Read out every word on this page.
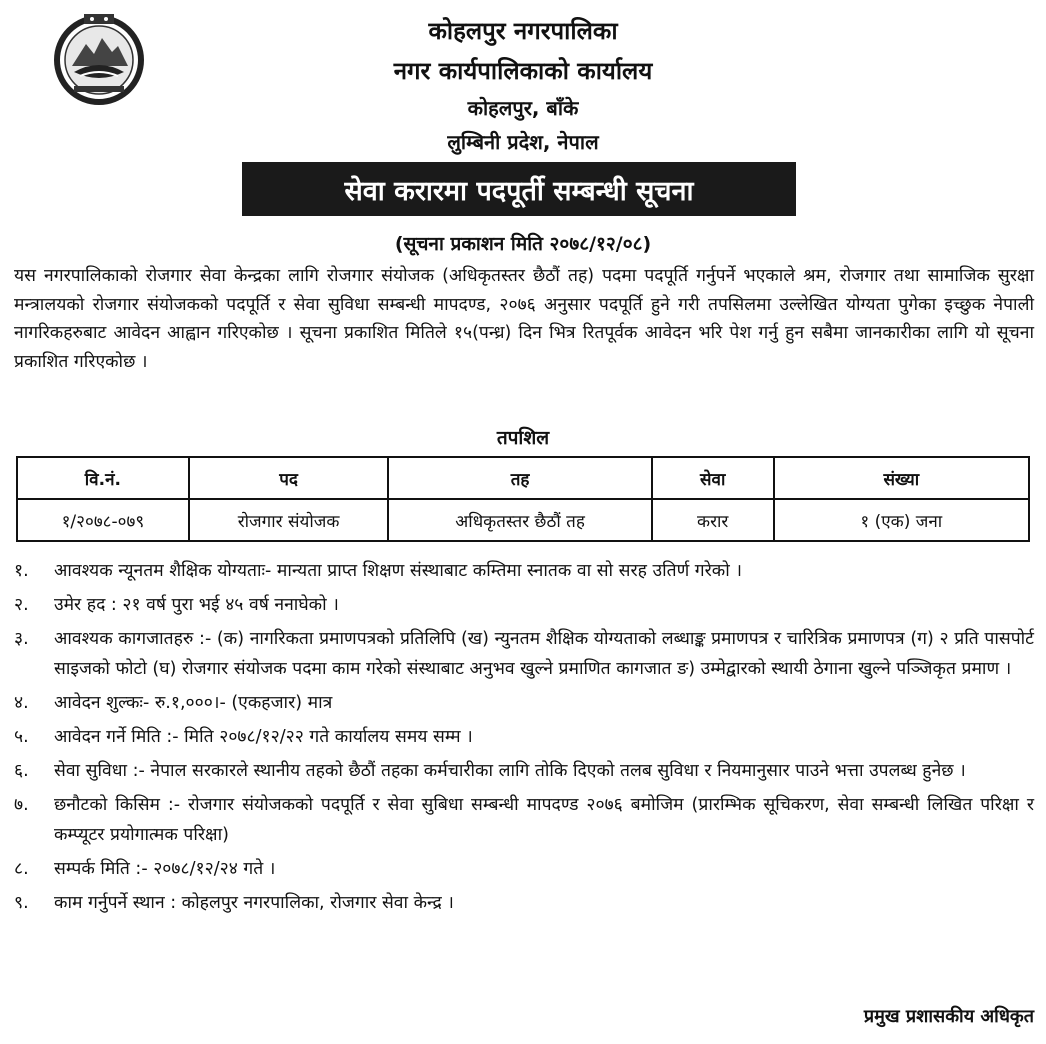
कोहलपुर नगरपालिका
नगर कार्यपालिकाको कार्यालय
कोहलपुर, बाँके
लुम्बिनी प्रदेश, नेपाल
सेवा करारमा पदपूर्ती सम्बन्धी सूचना
(सूचना प्रकाशन मिति २०७८/१२/०८)
यस नगरपालिकाको रोजगार सेवा केन्द्रका लागि रोजगार संयोजक (अधिकृतस्तर छैठौं तह) पदमा पदपूर्ति गर्नुपर्ने भएकाले श्रम, रोजगार तथा सामाजिक सुरक्षा मन्त्रालयको रोजगार संयोजकको पदपूर्ति र सेवा सुविधा सम्बन्धी मापदण्ड, २०७६ अनुसार पदपूर्ति हुने गरी तपसिलमा उल्लेखित योग्यता पुगेका इच्छुक नेपाली नागरिकहरुबाट आवेदन आह्वान गरिएकोछ । सूचना प्रकाशित मितिले १५(पन्ध्र) दिन भित्र रितपूर्वक आवेदन भरि पेश गर्नु हुन सबैमा जानकारीका लागि यो सूचना प्रकाशित गरिएकोछ ।
तपशिल
वि.नं.	पद	तह	सेवा	संख्या
१/२०७८-०७९	रोजगार संयोजक	अधिकृतस्तर छैठौं तह	करार	१ (एक) जना
१.	आवश्यक न्यूनतम शैक्षिक योग्यताः- मान्यता प्राप्त शिक्षण संस्थाबाट कम्तिमा स्नातक वा सो सरह उतिर्ण गरेको ।
२.	उमेर हद : २१ वर्ष पुरा भई ४५ वर्ष ननाघेको ।
३.	आवश्यक कागजातहरु :- (क) नागरिकता प्रमाणपत्रको प्रतिलिपि (ख) न्युनतम शैक्षिक योग्यताको लब्धाङ्क प्रमाणपत्र र चारित्रिक प्रमाणपत्र (ग) २ प्रति पासपोर्ट साइजको फोटो (घ) रोजगार संयोजक पदमा काम गरेको संस्थाबाट अनुभव खुल्ने प्रमाणित कागजात ङ) उम्मेद्वारको स्थायी ठेगाना खुल्ने पञ्जिकृत प्रमाण ।
४.	आवेदन शुल्कः- रु.१,०००।- (एकहजार) मात्र
५.	आवेदन गर्ने मिति :- मिति २०७८/१२/२२ गते कार्यालय समय सम्म ।
६.	सेवा सुविधा :- नेपाल सरकारले स्थानीय तहको छैठौं तहका कर्मचारीका लागि तोकि दिएको तलब सुविधा र नियमानुसार पाउने भत्ता उपलब्ध हुनेछ ।
७.	छनौटको किसिम :- रोजगार संयोजकको पदपूर्ति र सेवा सुबिधा सम्बन्धी मापदण्ड २०७६ बमोजिम (प्रारम्भिक सूचिकरण, सेवा सम्बन्धी लिखित परिक्षा र कम्प्यूटर प्रयोगात्मक परिक्षा)
८.	सम्पर्क मिति :- २०७८/१२/२४ गते ।
९.	काम गर्नुपर्ने स्थान : कोहलपुर नगरपालिका, रोजगार सेवा केन्द्र ।
प्रमुख प्रशासकीय अधिकृत
